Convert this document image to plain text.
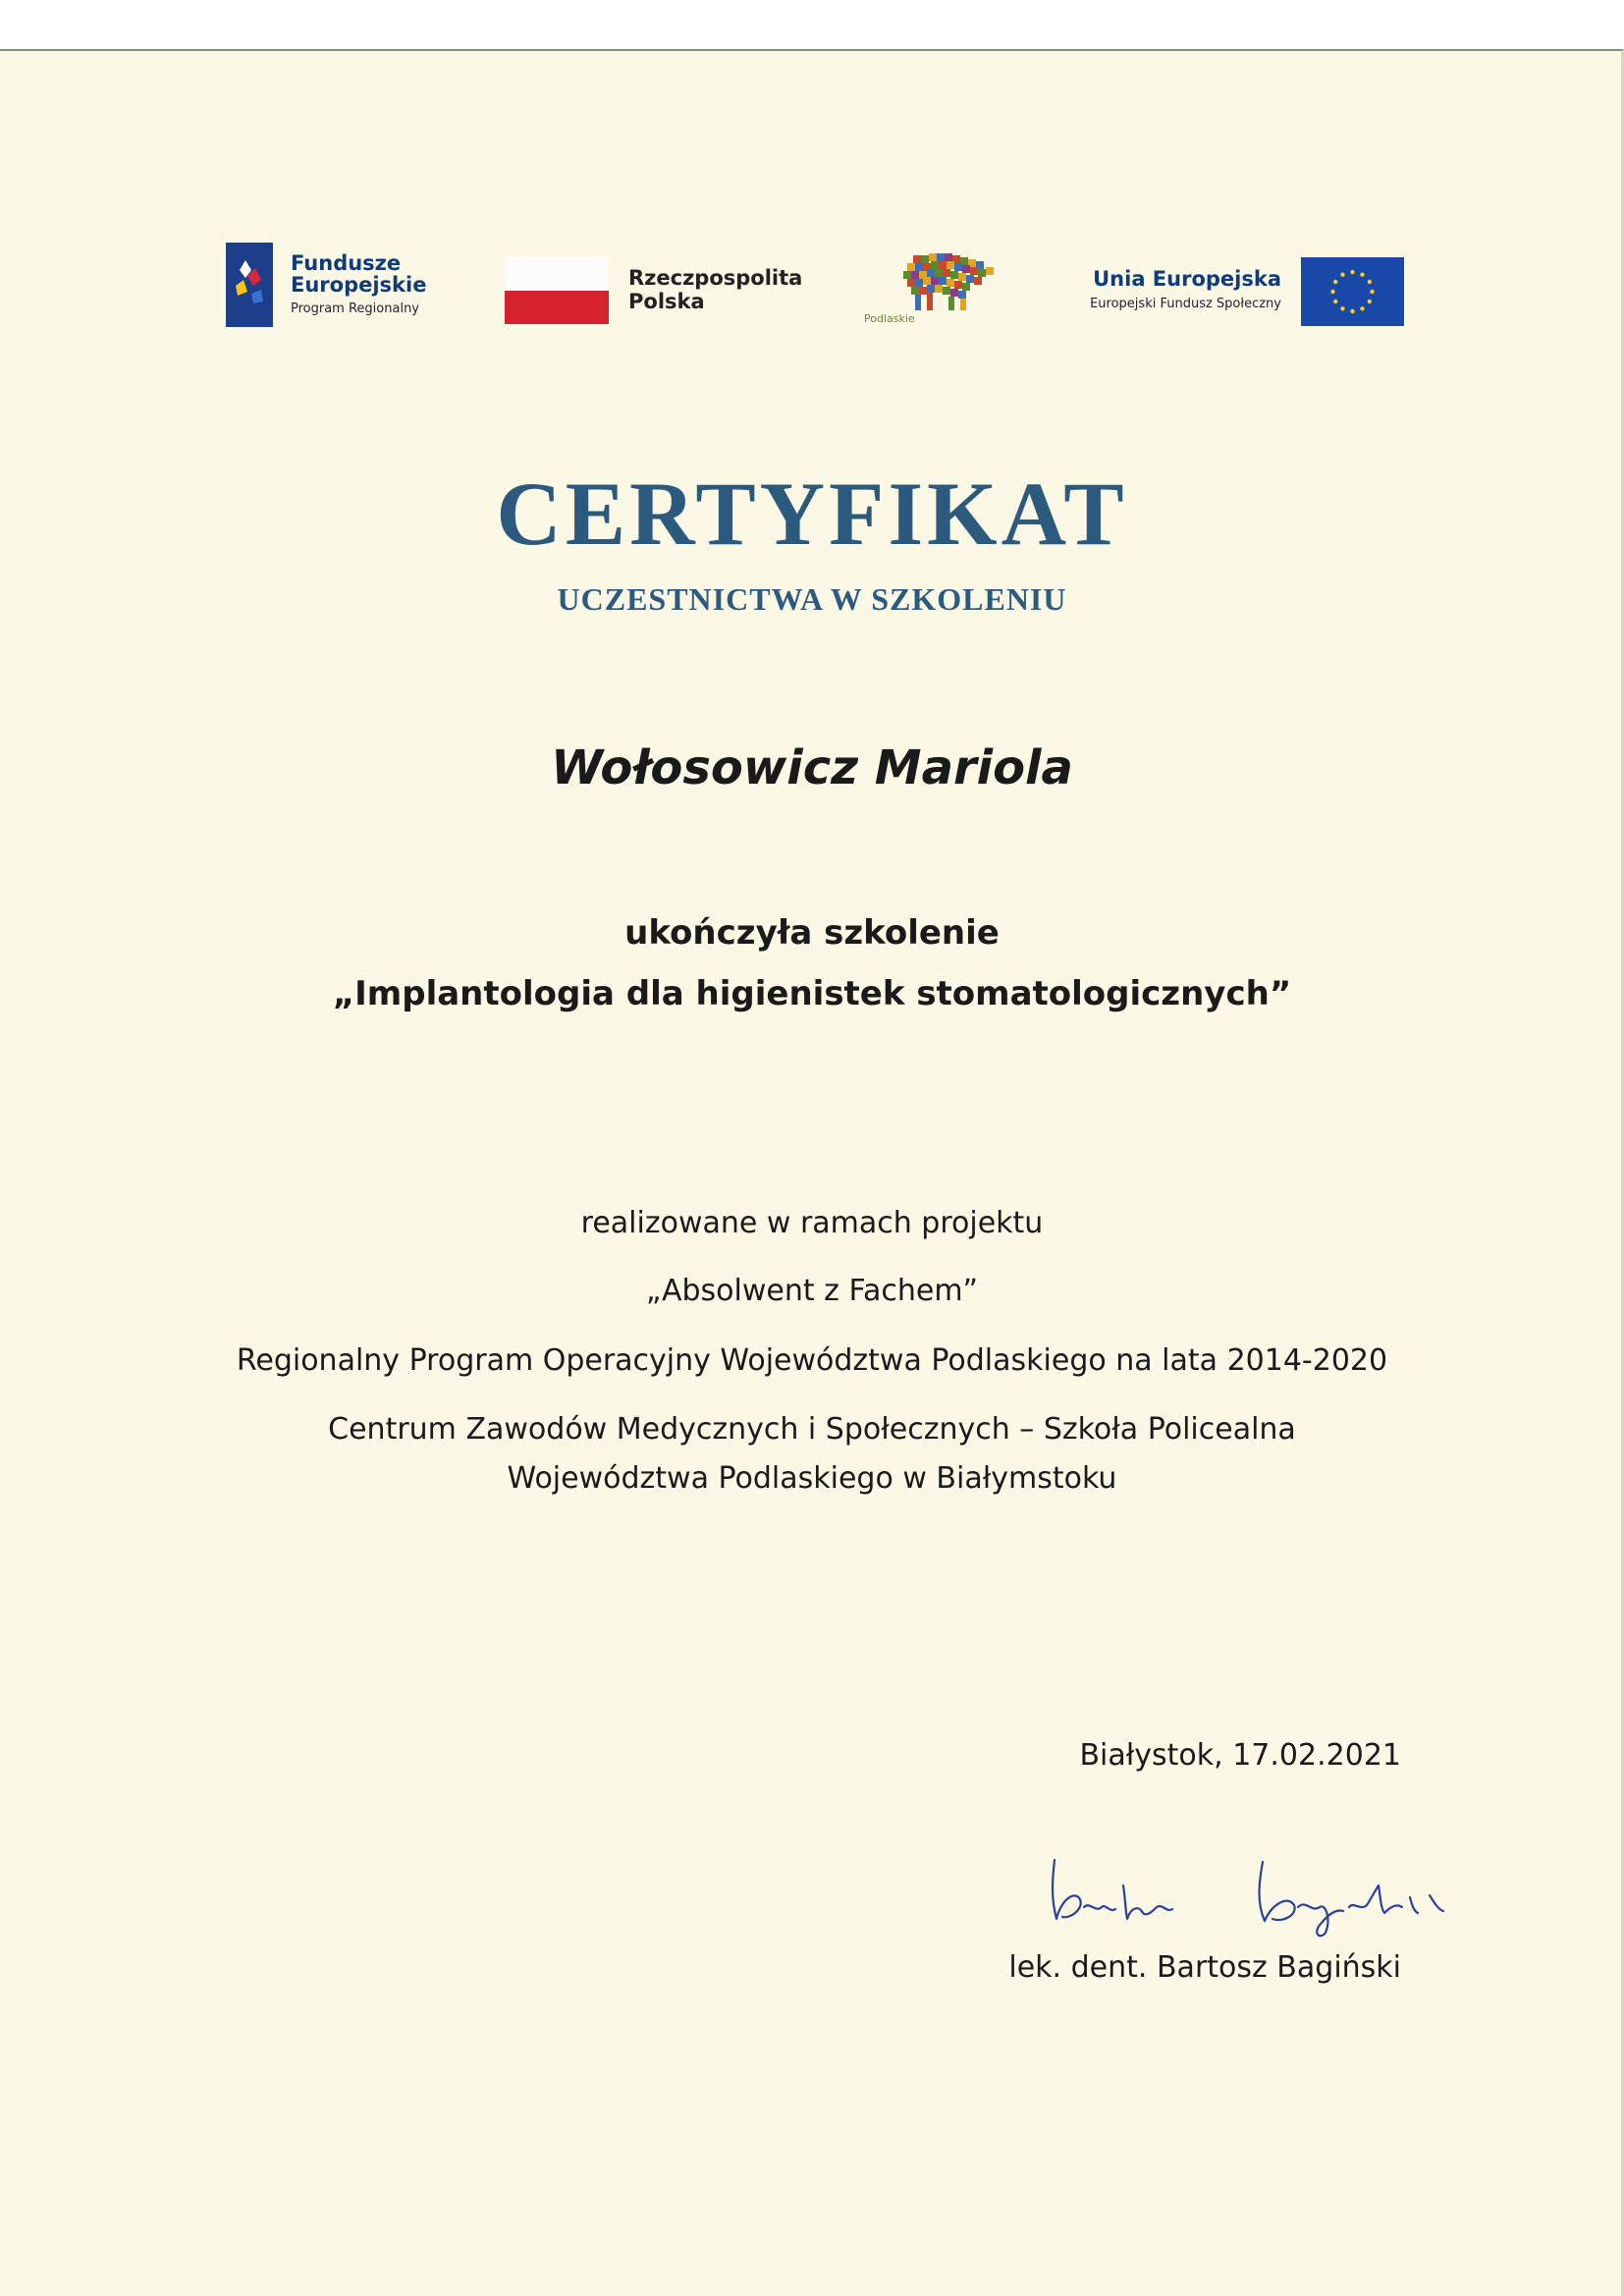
Fundusze
Europejskie
Program Regionalny
Rzeczpospolita
Polska
Podlaskie
Unia Europejska
Europejski Fundusz Społeczny
CERTYFIKAT
UCZESTNICTWA W SZKOLENIU
Wołosowicz Mariola
ukończyła szkolenie
„Implantologia dla higienistek stomatologicznych”
realizowane w ramach projektu
„Absolwent z Fachem”
Regionalny Program Operacyjny Województwa Podlaskiego na lata 2014-2020
Centrum Zawodów Medycznych i Społecznych – Szkoła Policealna
Województwa Podlaskiego w Białymstoku
Białystok, 17.02.2021
Bartosz Bagiński
lek. dent. Bartosz Bagiński
